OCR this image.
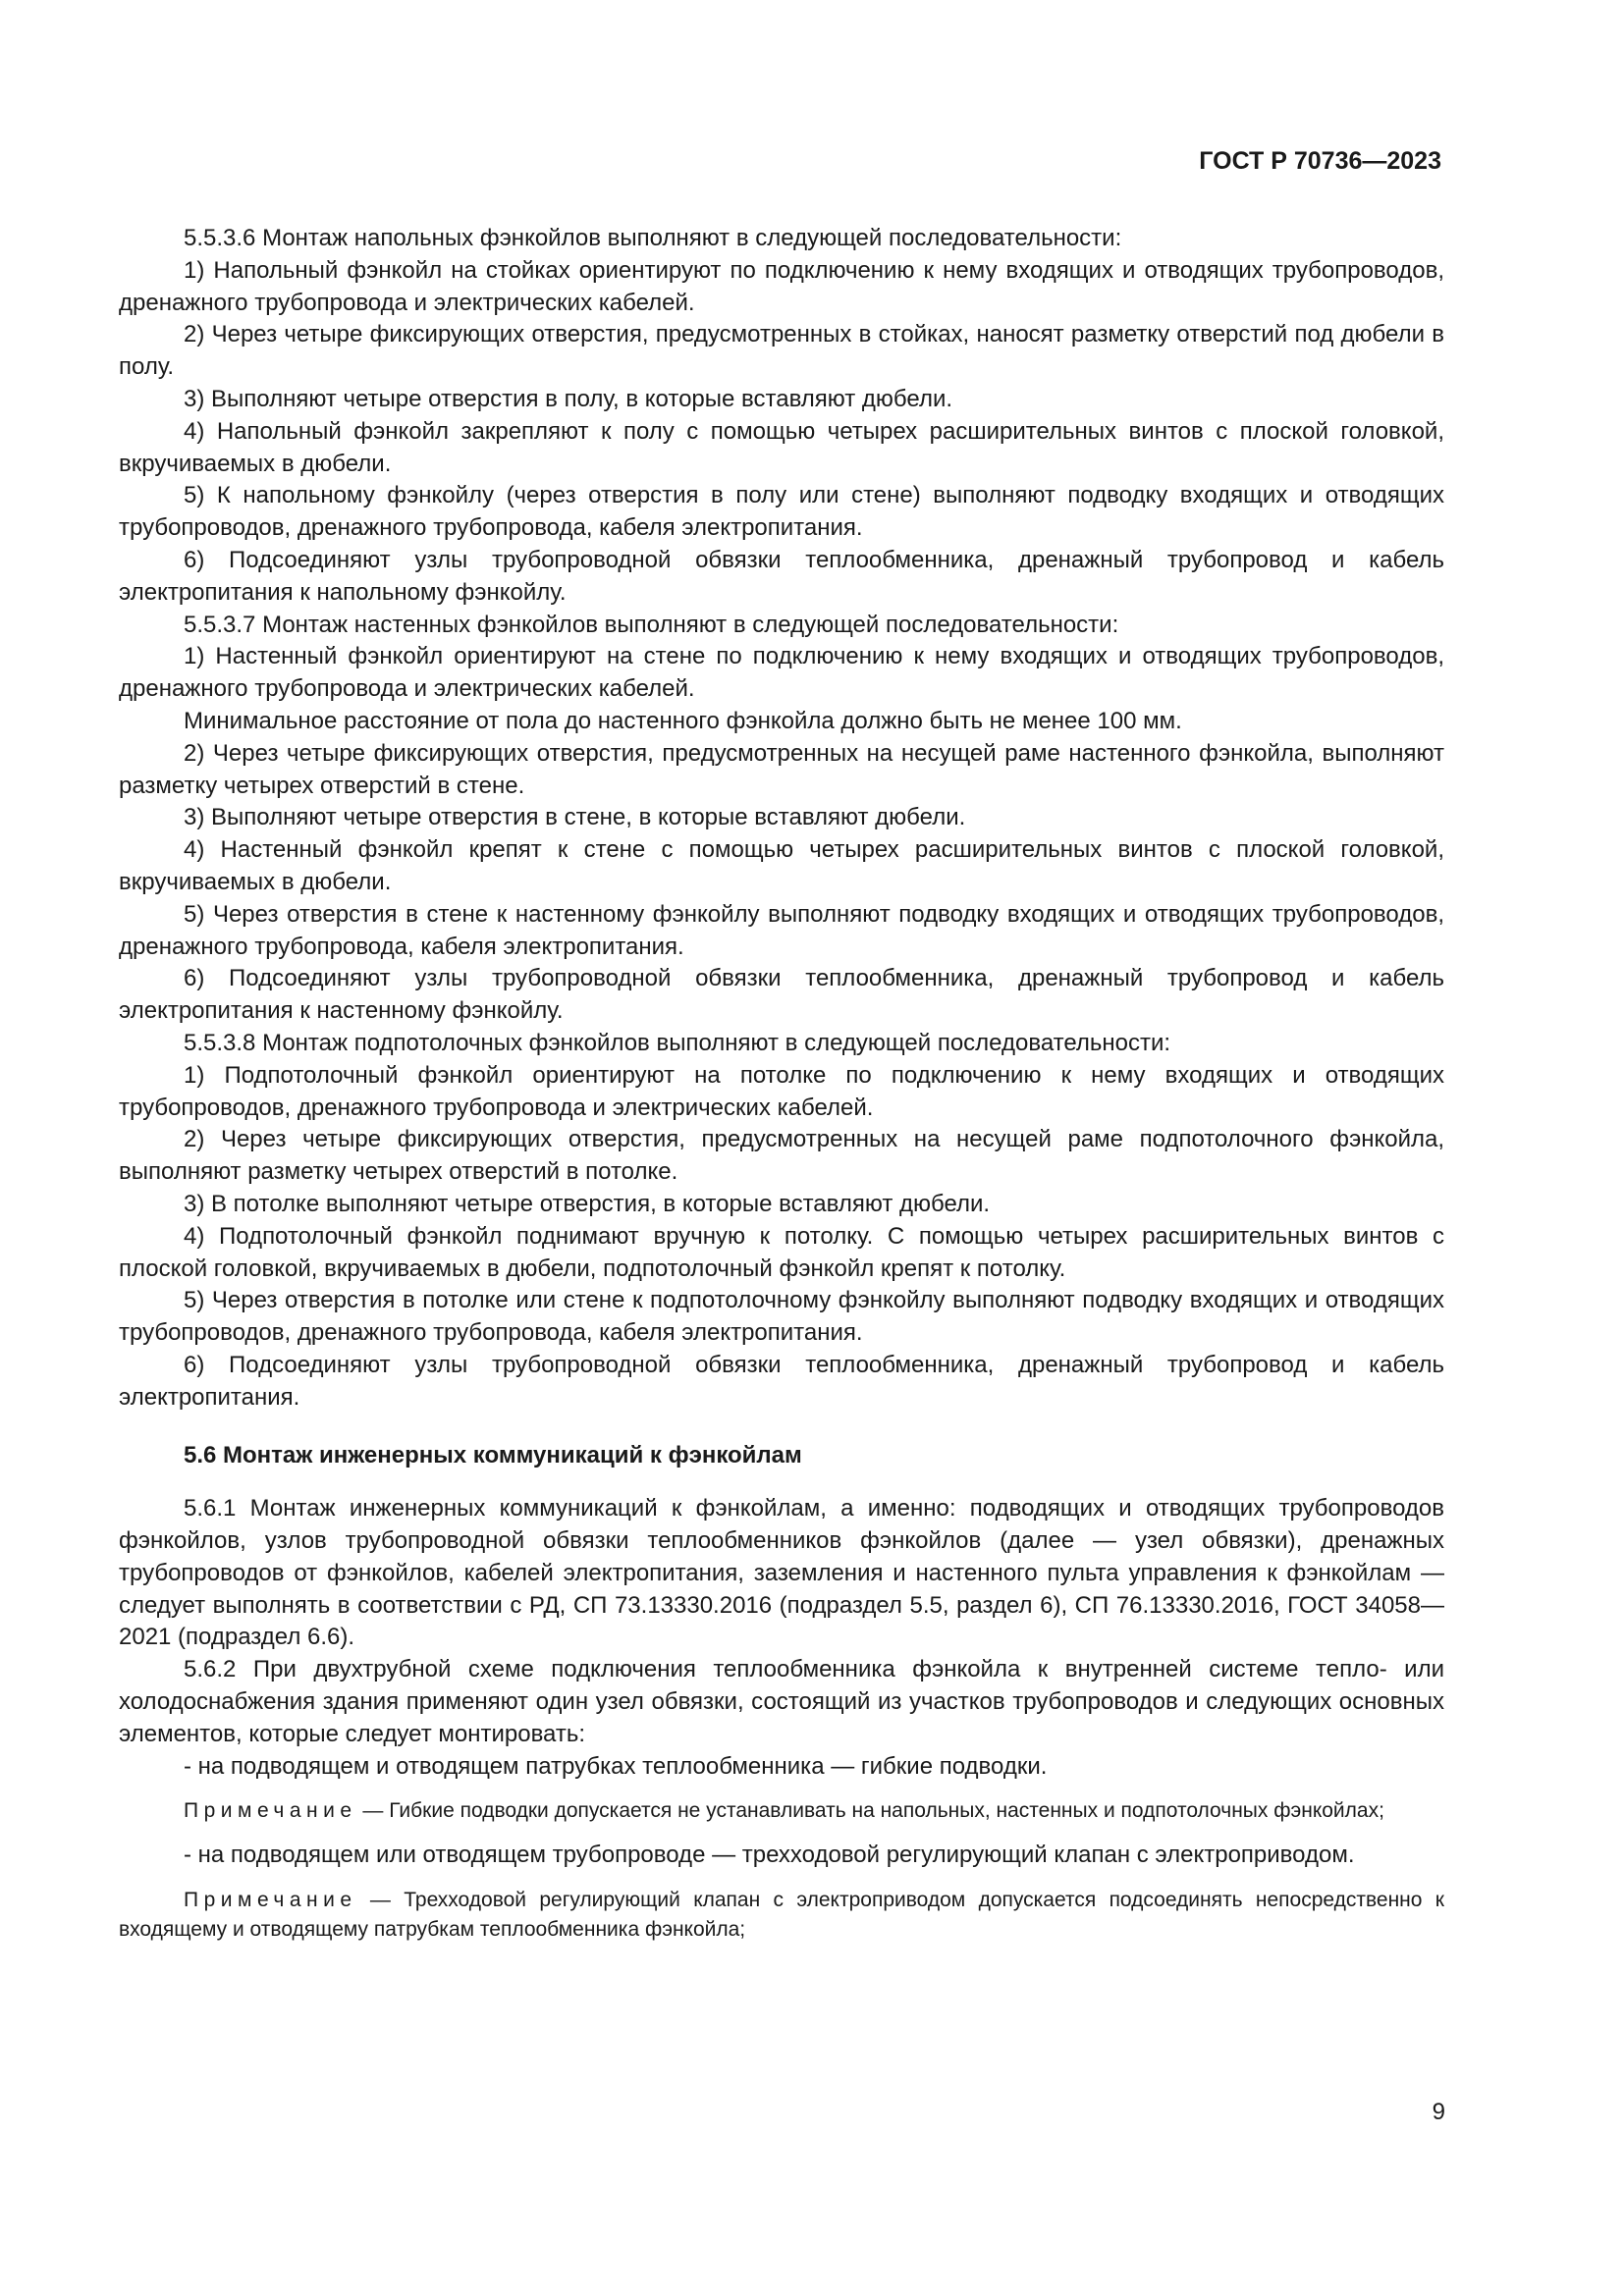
ГОСТ Р 70736—2023

5.5.3.6 Монтаж напольных фэнкойлов выполняют в следующей последовательности:

1) Напольный фэнкойл на стойках ориентируют по подключению к нему входящих и отводящих трубопроводов, дренажного трубопровода и электрических кабелей.

2) Через четыре фиксирующих отверстия, предусмотренных в стойках, наносят разметку отверстий под дюбели в полу.

3) Выполняют четыре отверстия в полу, в которые вставляют дюбели.

4) Напольный фэнкойл закрепляют к полу с помощью четырех расширительных винтов с плоской головкой, вкручиваемых в дюбели.

5) К напольному фэнкойлу (через отверстия в полу или стене) выполняют подводку входящих и отводящих трубопроводов, дренажного трубопровода, кабеля электропитания.

6) Подсоединяют узлы трубопроводной обвязки теплообменника, дренажный трубопровод и кабель электропитания к напольному фэнкойлу.

5.5.3.7 Монтаж настенных фэнкойлов выполняют в следующей последовательности:

1) Настенный фэнкойл ориентируют на стене по подключению к нему входящих и отводящих трубопроводов, дренажного трубопровода и электрических кабелей.

Минимальное расстояние от пола до настенного фэнкойла должно быть не менее 100 мм.

2) Через четыре фиксирующих отверстия, предусмотренных на несущей раме настенного фэнкойла, выполняют разметку четырех отверстий в стене.

3) Выполняют четыре отверстия в стене, в которые вставляют дюбели.

4) Настенный фэнкойл крепят к стене с помощью четырех расширительных винтов с плоской головкой, вкручиваемых в дюбели.

5) Через отверстия в стене к настенному фэнкойлу выполняют подводку входящих и отводящих трубопроводов, дренажного трубопровода, кабеля электропитания.

6) Подсоединяют узлы трубопроводной обвязки теплообменника, дренажный трубопровод и кабель электропитания к настенному фэнкойлу.

5.5.3.8 Монтаж подпотолочных фэнкойлов выполняют в следующей последовательности:

1) Подпотолочный фэнкойл ориентируют на потолке по подключению к нему входящих и отводящих трубопроводов, дренажного трубопровода и электрических кабелей.

2) Через четыре фиксирующих отверстия, предусмотренных на несущей раме подпотолочного фэнкойла, выполняют разметку четырех отверстий в потолке.

3) В потолке выполняют четыре отверстия, в которые вставляют дюбели.

4) Подпотолочный фэнкойл поднимают вручную к потолку. С помощью четырех расширительных винтов с плоской головкой, вкручиваемых в дюбели, подпотолочный фэнкойл крепят к потолку.

5) Через отверстия в потолке или стене к подпотолочному фэнкойлу выполняют подводку входящих и отводящих трубопроводов, дренажного трубопровода, кабеля электропитания.

6) Подсоединяют узлы трубопроводной обвязки теплообменника, дренажный трубопровод и кабель электропитания.

5.6 Монтаж инженерных коммуникаций к фэнкойлам

5.6.1 Монтаж инженерных коммуникаций к фэнкойлам, а именно: подводящих и отводящих трубопроводов фэнкойлов, узлов трубопроводной обвязки теплообменников фэнкойлов (далее — узел обвязки), дренажных трубопроводов от фэнкойлов, кабелей электропитания, заземления и настенного пульта управления к фэнкойлам — следует выполнять в соответствии с РД, СП 73.13330.2016 (подраздел 5.5, раздел 6), СП 76.13330.2016, ГОСТ 34058—2021 (подраздел 6.6).

5.6.2 При двухтрубной схеме подключения теплообменника фэнкойла к внутренней системе тепло- или холодоснабжения здания применяют один узел обвязки, состоящий из участков трубопроводов и следующих основных элементов, которые следует монтировать:

- на подводящем и отводящем патрубках теплообменника — гибкие подводки.

Примечание — Гибкие подводки допускается не устанавливать на напольных, настенных и подпотолочных фэнкойлах;

- на подводящем или отводящем трубопроводе — трехходовой регулирующий клапан с электроприводом.

Примечание — Трехходовой регулирующий клапан с электроприводом допускается подсоединять непосредственно к входящему и отводящему патрубкам теплообменника фэнкойла;

9
